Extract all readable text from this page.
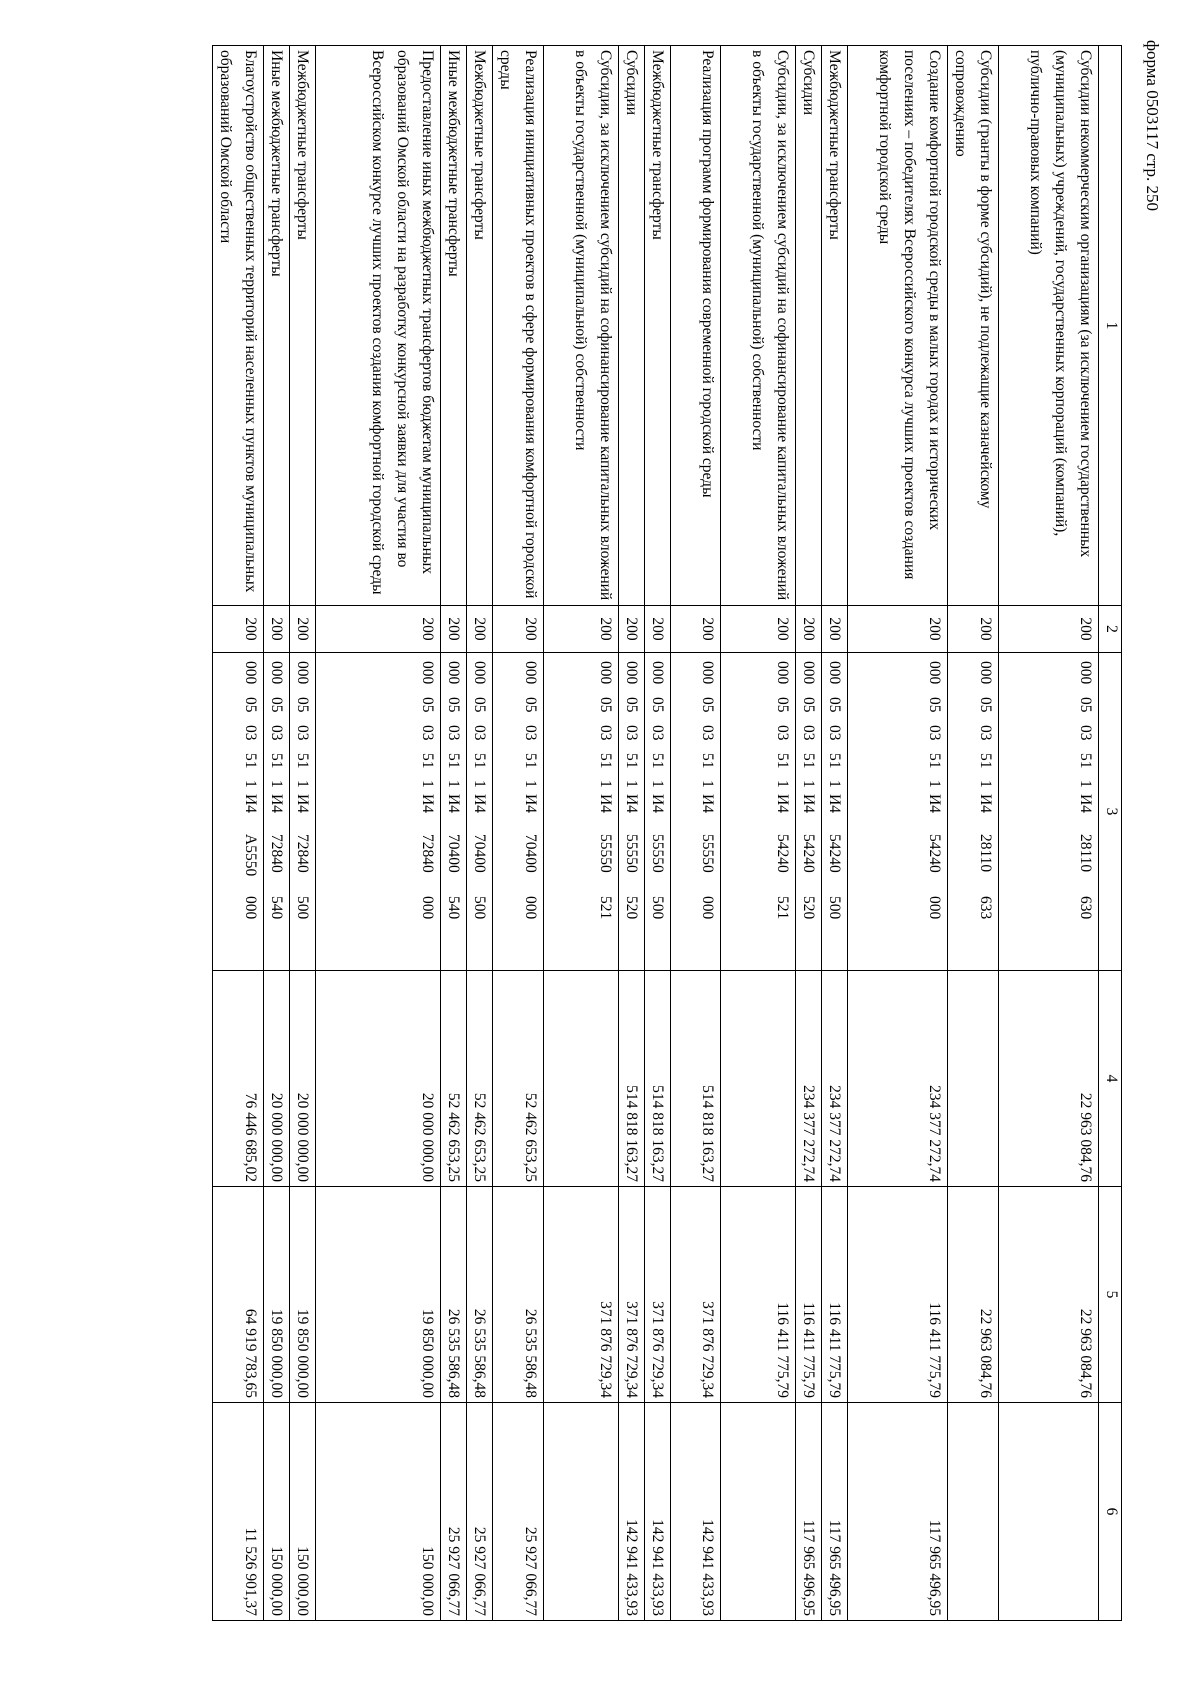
форма 0503117 стр. 250
1	2	3	4	5	6
Субсидии некоммерческим организациям (за исключением государственных (муниципальных) учреждений, государственных корпораций (компаний), публично-правовых компаний)	200	0000503511И428110630	22 963 084,76	22 963 084,76	
Субсидии (гранты в форме субсидий), не подлежащие казначейскому сопровождению	200	0000503511И428110633		22 963 084,76	
Создание комфортной городской среды в малых городах и исторических поселениях – победителях Всероссийского конкурса лучших проектов создания комфортной городской среды	200	0000503511И454240000	234 377 272,74	116 411 775,79	117 965 496,95
Межбюджетные трансферты	200	0000503511И454240500	234 377 272,74	116 411 775,79	117 965 496,95
Субсидии	200	0000503511И454240520	234 377 272,74	116 411 775,79	117 965 496,95
Субсидии, за исключением субсидий на софинансирование капитальных вложений в объекты государственной (муниципальной) собственности	200	0000503511И454240521		116 411 775,79	
Реализация программ формирования современной городской среды	200	0000503511И455550000	514 818 163,27	371 876 729,34	142 941 433,93
Межбюджетные трансферты	200	0000503511И455550500	514 818 163,27	371 876 729,34	142 941 433,93
Субсидии	200	0000503511И455550520	514 818 163,27	371 876 729,34	142 941 433,93
Субсидии, за исключением субсидий на софинансирование капитальных вложений в объекты государственной (муниципальной) собственности	200	0000503511И455550521		371 876 729,34	
Реализация инициативных проектов в сфере формирования комфортной городской среды	200	0000503511И470400000	52 462 653,25	26 535 586,48	25 927 066,77
Межбюджетные трансферты	200	0000503511И470400500	52 462 653,25	26 535 586,48	25 927 066,77
Иные межбюджетные трансферты	200	0000503511И470400540	52 462 653,25	26 535 586,48	25 927 066,77
Предоставление иных межбюджетных трансфертов бюджетам муниципальных образований Омской области на разработку конкурсной заявки для участия во Всероссийском конкурсе лучших проектов создания комфортной городской среды	200	0000503511И472840000	20 000 000,00	19 850 000,00	150 000,00
Межбюджетные трансферты	200	0000503511И472840500	20 000 000,00	19 850 000,00	150 000,00
Иные межбюджетные трансферты	200	0000503511И472840540	20 000 000,00	19 850 000,00	150 000,00
Благоустройство общественных территорий населенных пунктов муниципальных образований Омской области	200	0000503511И4А5550000	76 446 685,02	64 919 783,65	11 526 901,37
